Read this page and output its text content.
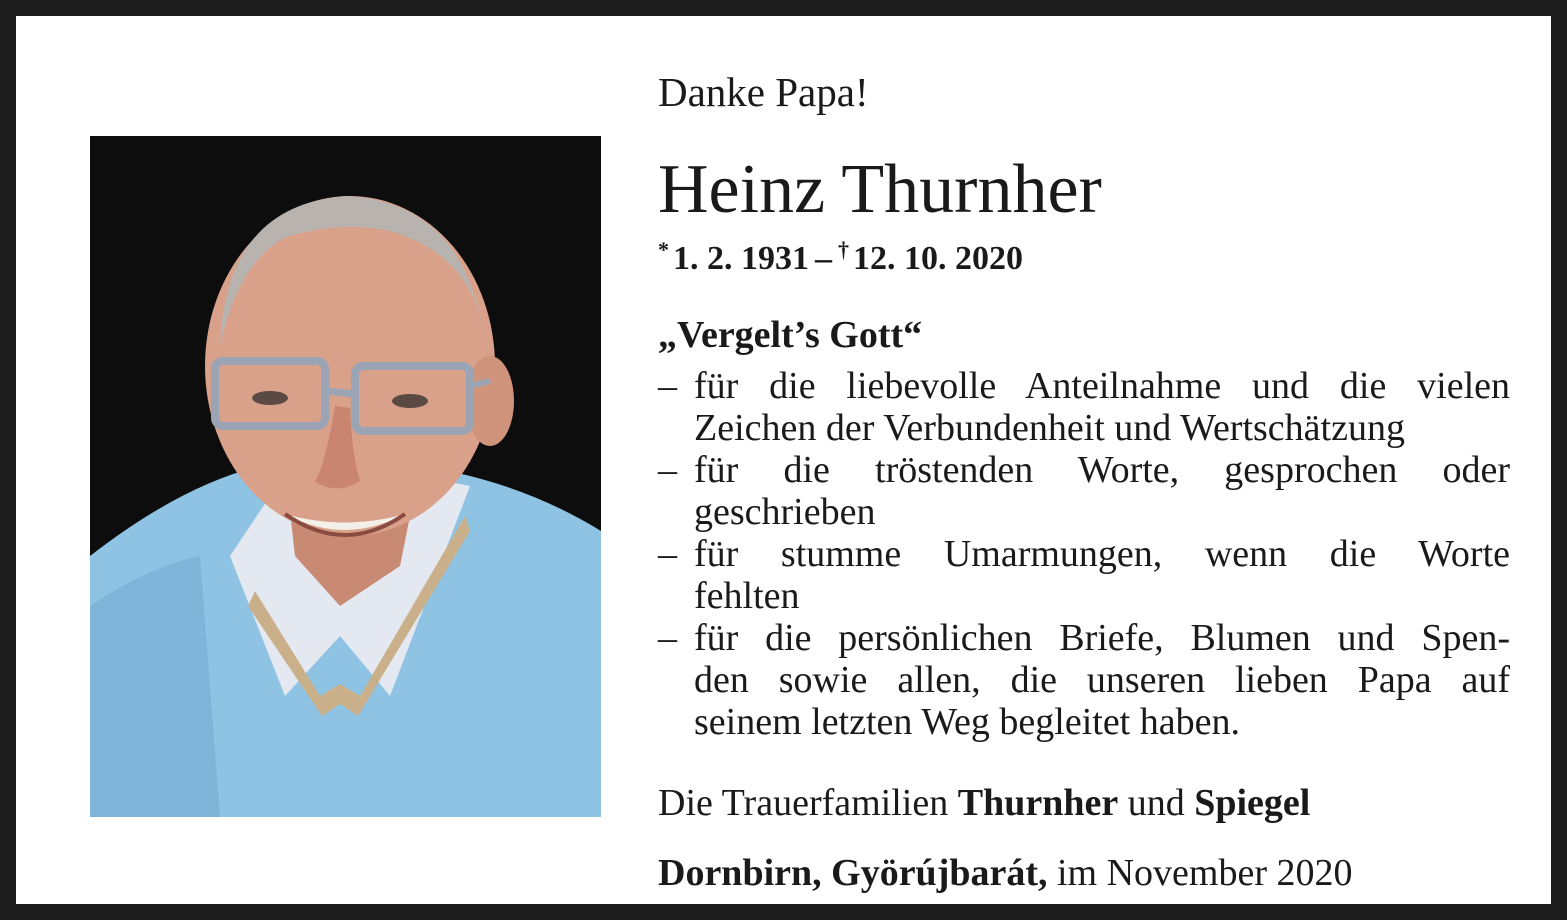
Danke Papa!
Heinz Thurnher
* 1. 2. 1931 – † 12. 10. 2020
„Vergelt’s Gott“
– für die liebevolle Anteilnahme und die vielen
Zeichen der Verbundenheit und Wertschätzung
– für die tröstenden Worte, gesprochen oder
geschrieben
– für stumme Umarmungen, wenn die Worte
fehlten
– für die persönlichen Briefe, Blumen und Spen-
den sowie allen, die unseren lieben Papa auf
seinem letzten Weg begleitet haben.
Die Trauerfamilien Thurnher und Spiegel
Dornbirn, Györújbarát, im November 2020
